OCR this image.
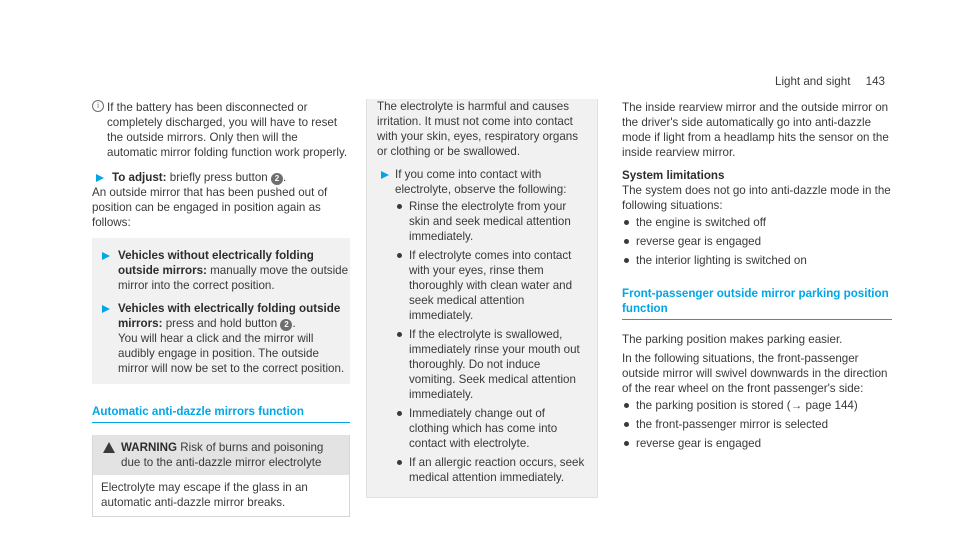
Light and sight 143
i If the battery has been disconnected or completely discharged, you will have to reset the outside mirrors. Only then will the automatic mirror folding function work properly.

To adjust: briefly press button 2 .

An outside mirror that has been pushed out of position can be engaged in position again as follows:

Vehicles without electrically folding outside mirrors: manually move the outside mirror into the correct position.
Vehicles with electrically folding outside mirrors: press and hold button 2 .

You will hear a click and the mirror will audibly engage in position. The outside mirror will now be set to the correct position.

Automatic anti-dazzle mirrors function
WARNING Risk of burns and poisoning due to the anti-dazzle mirror electrolyte
Electrolyte may escape if the glass in an automatic anti-dazzle mirror breaks.

The electrolyte is harmful and causes irritation. It must not come into contact with your skin, eyes, respiratory organs or clothing or be swallowed.

If you come into contact with electrolyte, observe the following:
Rinse the electrolyte from your skin and seek medical attention immediately.
If electrolyte comes into contact with your eyes, rinse them thoroughly with clean water and seek medical attention immediately.
If the electrolyte is swallowed, immediately rinse your mouth out thoroughly. Do not induce vomiting. Seek medical attention immediately.
Immediately change out of clothing which has come into contact with electrolyte.
If an allergic reaction occurs, seek medical attention immediately.

The inside rearview mirror and the outside mirror on the driver's side automatically go into anti-dazzle mode if light from a headlamp hits the sensor on the inside rearview mirror.

System limitations

The system does not go into anti-dazzle mode in the following situations:

the engine is switched off
reverse gear is engaged
the interior lighting is switched on
Front-passenger outside mirror parking position function

The parking position makes parking easier.

In the following situations, the front-passenger outside mirror will swivel downwards in the direction of the rear wheel on the front passenger's side:

the parking position is stored (→ page 144)
the front-passenger mirror is selected
reverse gear is engaged
